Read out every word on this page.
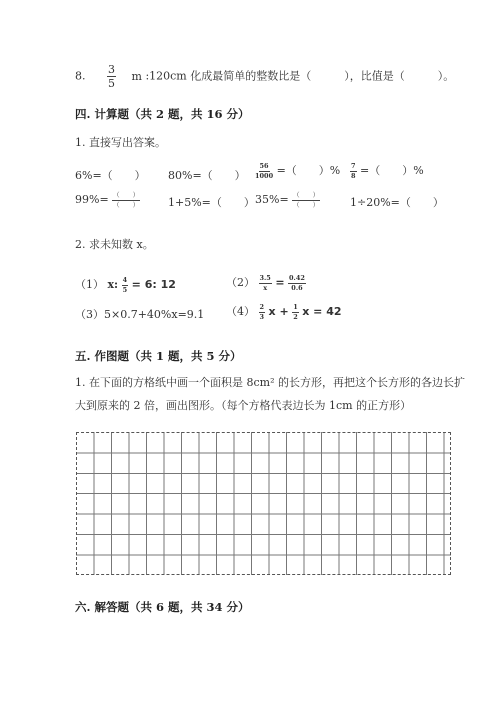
8. $\frac{3}{5}$ m :120cm 化成最简单的整数比是（　　　），比值是（　　　）。
四. 计算题（共 2 题，共 16 分）
1. 直接写出答案。
6%=（　　） 80%=（　　） $\frac{56}{1000}$ =（　　）% $\frac{7}{8}$ =（　　）%
$99\%= \frac{( )}{( )}$	1+5%=（　　） $35\%= \frac{( )}{( )}$	1÷20%=（　　）
2. 求未知数 x。
（1） x: $\frac{4}{5} = 6$: 12	$(2) \frac{3.5}{x} = \frac{0.42}{0.6}$
（3）5×0.7+40%x=9.1 $(4) \frac{2}{3}$ $x + \frac{1}{2}$ x = 42
五. 作图题（共 1 题，共 5 分）
1. 在下面的方格纸中画一个面积是 8cm² 的长方形，再把这个长方形的各边长扩
大到原来的 2 倍，画出图形。（每个方格代表边长为 1cm 的正方形）
六. 解答题（共 6 题，共 34 分）
